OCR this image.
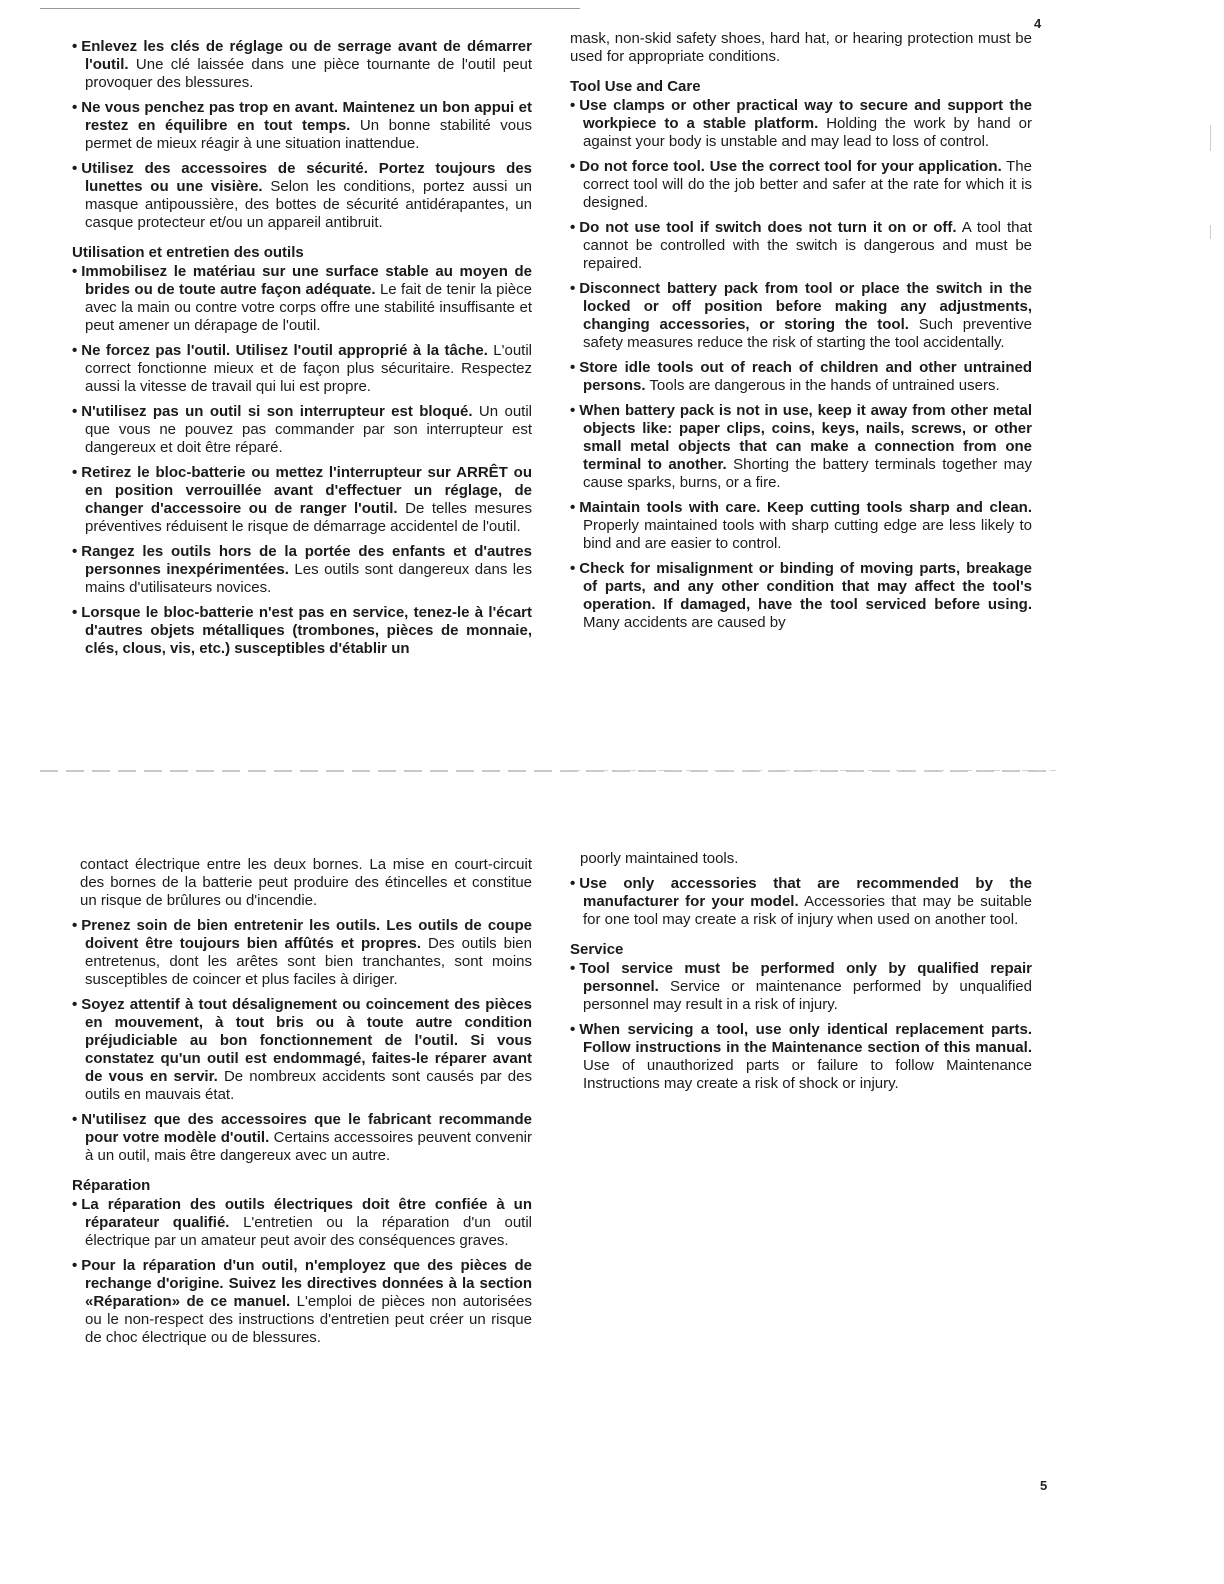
4

• Enlevez les clés de réglage ou de serrage avant de démarrer l'outil. Une clé laissée dans une pièce tournante de l'outil peut provoquer des blessures.

• Ne vous penchez pas trop en avant. Maintenez un bon appui et restez en équilibre en tout temps. Un bonne stabilité vous permet de mieux réagir à une situation inattendue.

• Utilisez des accessoires de sécurité. Portez toujours des lunettes ou une visière. Selon les conditions, portez aussi un masque antipoussière, des bottes de sécurité antidérapantes, un casque protecteur et/ou un appareil antibruit.

Utilisation et entretien des outils

• Immobilisez le matériau sur une surface stable au moyen de brides ou de toute autre façon adéquate. Le fait de tenir la pièce avec la main ou contre votre corps offre une stabilité insuffisante et peut amener un dérapage de l'outil.

• Ne forcez pas l'outil. Utilisez l'outil approprié à la tâche. L'outil correct fonctionne mieux et de façon plus sécuritaire. Respectez aussi la vitesse de travail qui lui est propre.

• N'utilisez pas un outil si son interrupteur est bloqué. Un outil que vous ne pouvez pas commander par son interrupteur est dangereux et doit être réparé.

• Retirez le bloc-batterie ou mettez l'interrupteur sur ARRÊT ou en position verrouillée avant d'effectuer un réglage, de changer d'accessoire ou de ranger l'outil. De telles mesures préventives réduisent le risque de démarrage accidentel de l'outil.

• Rangez les outils hors de la portée des enfants et d'autres personnes inexpérimentées. Les outils sont dangereux dans les mains d'utilisateurs novices.

• Lorsque le bloc-batterie n'est pas en service, tenez-le à l'écart d'autres objets métalliques (trombones, pièces de monnaie, clés, clous, vis, etc.) susceptibles d'établir un

mask, non-skid safety shoes, hard hat, or hearing protection must be used for appropriate conditions.

Tool Use and Care

• Use clamps or other practical way to secure and support the workpiece to a stable platform. Holding the work by hand or against your body is unstable and may lead to loss of control.

• Do not force tool. Use the correct tool for your application. The correct tool will do the job better and safer at the rate for which it is designed.

• Do not use tool if switch does not turn it on or off. A tool that cannot be controlled with the switch is dangerous and must be repaired.

• Disconnect battery pack from tool or place the switch in the locked or off position before making any adjustments, changing accessories, or storing the tool. Such preventive safety measures reduce the risk of starting the tool accidentally.

• Store idle tools out of reach of children and other untrained persons. Tools are dangerous in the hands of untrained users.

• When battery pack is not in use, keep it away from other metal objects like: paper clips, coins, keys, nails, screws, or other small metal objects that can make a connection from one terminal to another. Shorting the battery terminals together may cause sparks, burns, or a fire.

• Maintain tools with care. Keep cutting tools sharp and clean. Properly maintained tools with sharp cutting edge are less likely to bind and are easier to control.

• Check for misalignment or binding of moving parts, breakage of parts, and any other condition that may affect the tool's operation. If damaged, have the tool serviced before using. Many accidents are caused by

contact électrique entre les deux bornes. La mise en court-circuit des bornes de la batterie peut produire des étincelles et constitue un risque de brûlures ou d'incendie.

• Prenez soin de bien entretenir les outils. Les outils de coupe doivent être toujours bien affûtés et propres. Des outils bien entretenus, dont les arêtes sont bien tranchantes, sont moins susceptibles de coincer et plus faciles à diriger.

• Soyez attentif à tout désalignement ou coincement des pièces en mouvement, à tout bris ou à toute autre condition préjudiciable au bon fonctionnement de l'outil. Si vous constatez qu'un outil est endommagé, faites-le réparer avant de vous en servir. De nombreux accidents sont causés par des outils en mauvais état.

• N'utilisez que des accessoires que le fabricant recommande pour votre modèle d'outil. Certains accessoires peuvent convenir à un outil, mais être dangereux avec un autre.

Réparation

• La réparation des outils électriques doit être confiée à un réparateur qualifié. L'entretien ou la réparation d'un outil électrique par un amateur peut avoir des conséquences graves.

• Pour la réparation d'un outil, n'employez que des pièces de rechange d'origine. Suivez les directives données à la section «Réparation» de ce manuel. L'emploi de pièces non autorisées ou le non-respect des instructions d'entretien peut créer un risque de choc électrique ou de blessures.

poorly maintained tools.

• Use only accessories that are recommended by the manufacturer for your model. Accessories that may be suitable for one tool may create a risk of injury when used on another tool.

Service

• Tool service must be performed only by qualified repair personnel. Service or maintenance performed by unqualified personnel may result in a risk of injury.

• When servicing a tool, use only identical replacement parts. Follow instructions in the Maintenance section of this manual. Use of unauthorized parts or failure to follow Maintenance Instructions may create a risk of shock or injury.

5
